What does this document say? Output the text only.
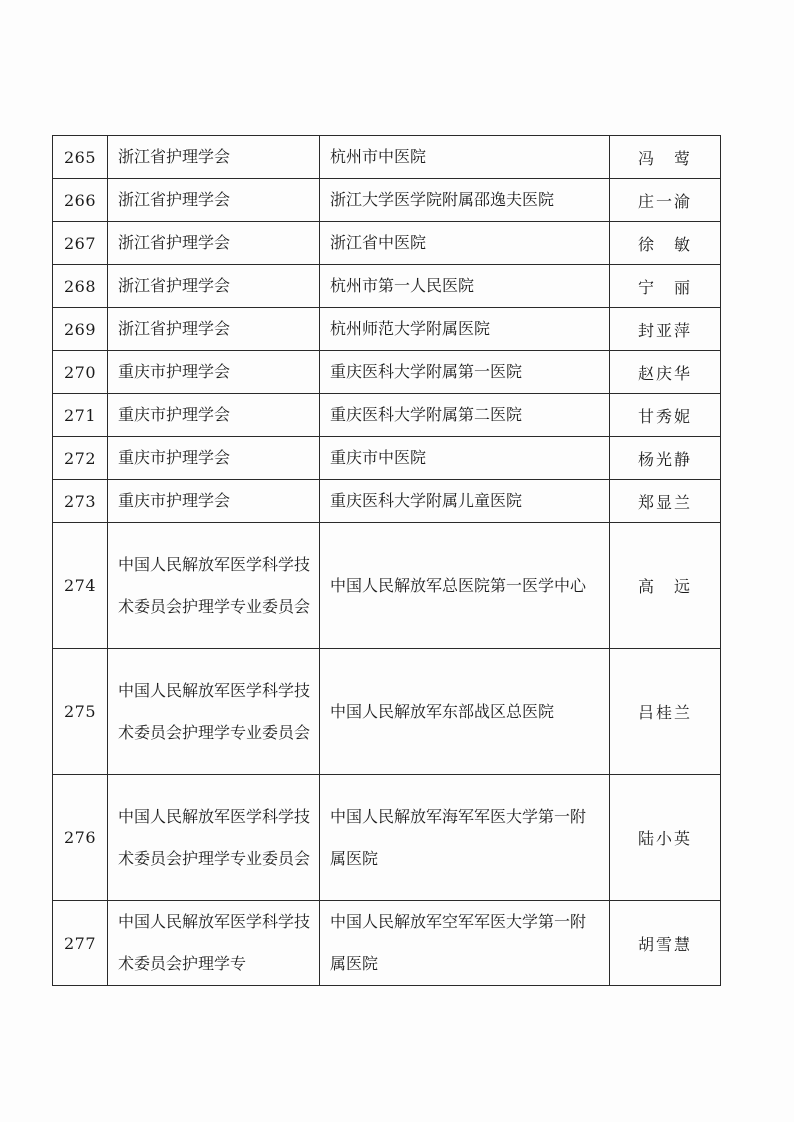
265	浙江省护理学会	杭州市中医院	冯　莺
266	浙江省护理学会	浙江大学医学院附属邵逸夫医院	庄一渝
267	浙江省护理学会	浙江省中医院	徐　敏
268	浙江省护理学会	杭州市第一人民医院	宁　丽
269	浙江省护理学会	杭州师范大学附属医院	封亚萍
270	重庆市护理学会	重庆医科大学附属第一医院	赵庆华
271	重庆市护理学会	重庆医科大学附属第二医院	甘秀妮
272	重庆市护理学会	重庆市中医院	杨光静
273	重庆市护理学会	重庆医科大学附属儿童医院	郑显兰
274	中国人民解放军医学科学技术委员会护理学专业委员会	中国人民解放军总医院第一医学中心	高　远
275	中国人民解放军医学科学技术委员会护理学专业委员会	中国人民解放军东部战区总医院	吕桂兰
276	中国人民解放军医学科学技术委员会护理学专业委员会	中国人民解放军海军军医大学第一附属医院	陆小英
277	中国人民解放军医学科学技术委员会护理学专	中国人民解放军空军军医大学第一附属医院	胡雪慧
